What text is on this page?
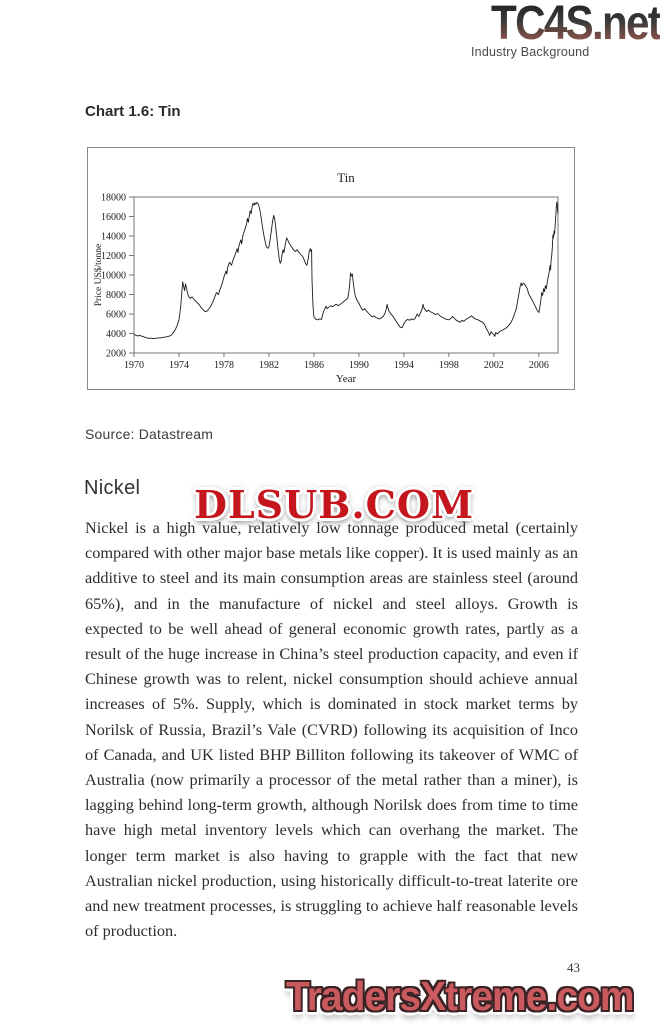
TC4S.net
Industry Background
Chart 1.6: Tin
Tin
Price US$/tonne
Year
2000
4000
6000
8000
10000
12000
14000
16000
18000
1970 1974 1978 1982 1986 1990 1994 1998 2002 2006
Source: Datastream
Nickel DLSUB.COM

Nickel is a high value, relatively low tonnage produced metal (certainly compared with other major base metals like copper). It is used mainly as an additive to steel and its main consumption areas are stainless steel (around 65%), and in the manufacture of nickel and steel alloys. Growth is expected to be well ahead of general economic growth rates, partly as a result of the huge increase in China’s steel production capacity, and even if Chinese growth was to relent, nickel consumption should achieve annual increases of 5%. Supply, which is dominated in stock market terms by Norilsk of Russia, Brazil’s Vale (CVRD) following its acquisition of Inco of Canada, and UK listed BHP Billiton following its takeover of WMC of Australia (now primarily a processor of the metal rather than a miner), is lagging behind long-term growth, although Norilsk does from time to time have high metal inventory levels which can overhang the market. The longer term market is also having to grapple with the fact that new Australian nickel production, using historically difficult-to-treat laterite ore and new treatment processes, is struggling to achieve half reasonable levels of production.

43
TradersXtreme.com
